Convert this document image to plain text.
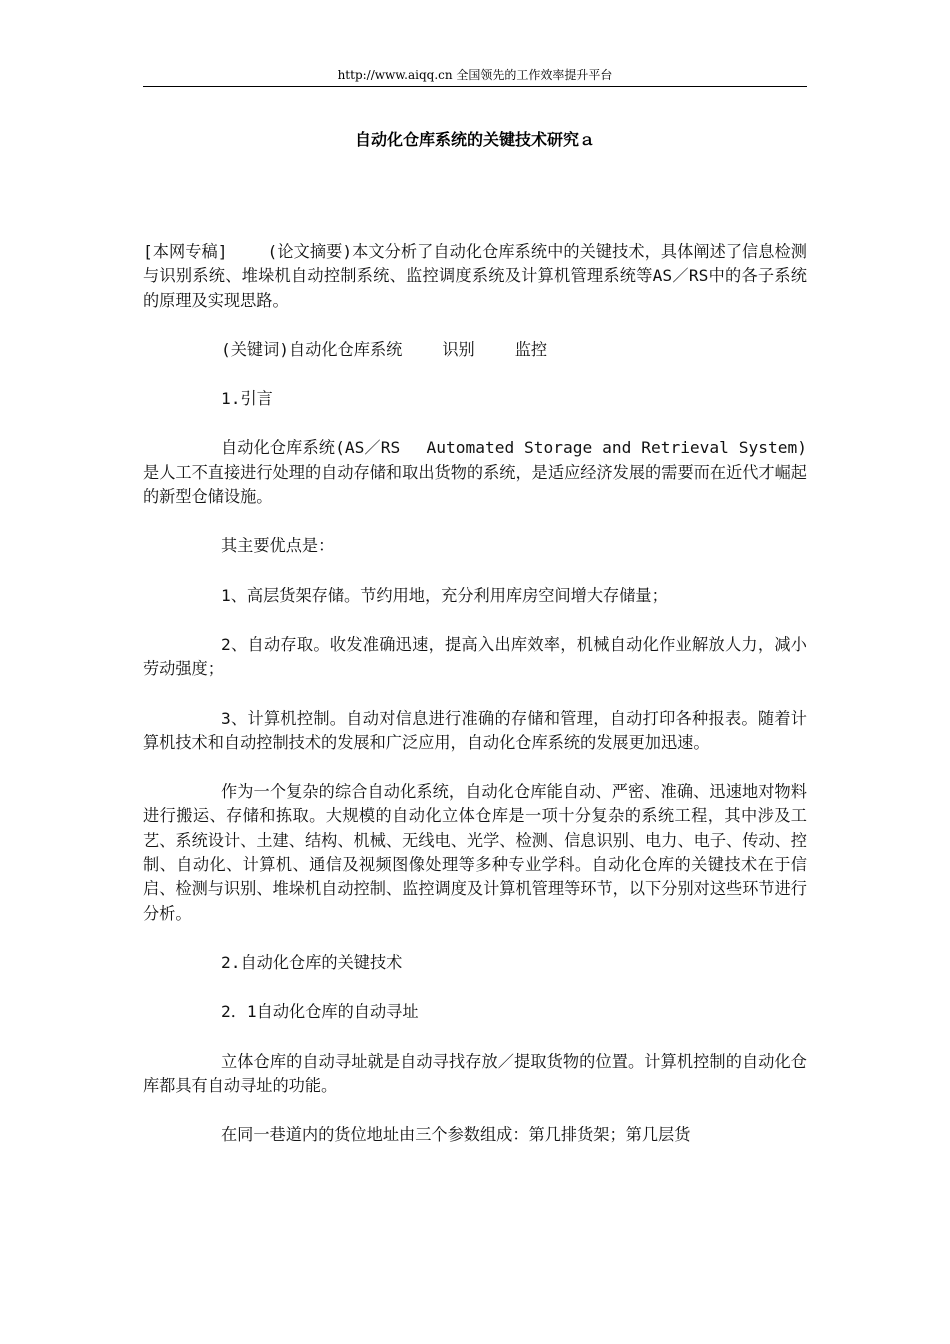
http://www.aiqq.cn 全国领先的工作效率提升平台
自动化仓库系统的关键技术研究ａ

[本网专稿] (论文摘要)本文分析了自动化仓库系统中的关键技术，具体阐述了信息检测与识别系统、堆垛机自动控制系统、监控调度系统及计算机管理系统等AS／RS中的各子系统的原理及实现思路。

(关键词)自动化仓库系统 识别 监控

1.引言

自动化仓库系统(AS／RS　 Automated Storage and Retrieval System)是人工不直接进行处理的自动存储和取出货物的系统，是适应经济发展的需要而在近代才崛起的新型仓储设施。

其主要优点是：

1、高层货架存储。节约用地，充分利用库房空间增大存储量；

2、自动存取。收发准确迅速，提高入出库效率，机械自动化作业解放人力，减小劳动强度；

3、计算机控制。自动对信息进行准确的存储和管理，自动打印各种报表。随着计算机技术和自动控制技术的发展和广泛应用，自动化仓库系统的发展更加迅速。

作为一个复杂的综合自动化系统，自动化仓库能自动、严密、准确、迅速地对物料进行搬运、存储和拣取。大规模的自动化立体仓库是一项十分复杂的系统工程，其中涉及工艺、系统设计、土建、结构、机械、无线电、光学、检测、信息识别、电力、电子、传动、控制、自动化、计算机、通信及视频图像处理等多种专业学科。自动化仓库的关键技术在于信启、检测与识别、堆垛机自动控制、监控调度及计算机管理等环节，以下分别对这些环节进行分析。

2.自动化仓库的关键技术

2．1自动化仓库的自动寻址

立体仓库的自动寻址就是自动寻找存放／提取货物的位置。计算机控制的自动化仓库都具有自动寻址的功能。

在同一巷道内的货位地址由三个参数组成：第几排货架；第几层货
